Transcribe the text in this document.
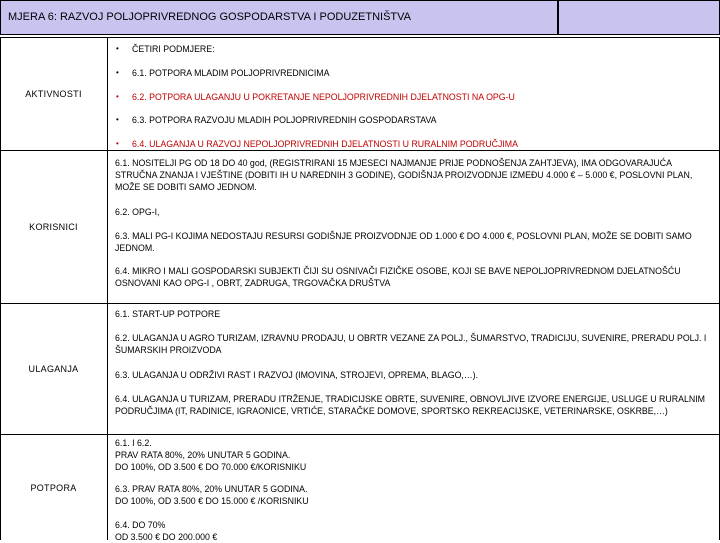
MJERA 6: RAZVOJ POLJOPRIVREDNOG GOSPODARSTVA I PODUZETNIŠTVA
AKTIVNOSTI
• ČETIRI PODMJERE:
• 6.1. POTPORA MLADIM POLJOPRIVREDNICIMA
• 6.2. POTPORA ULAGANJU U POKRETANJE NEPOLJOPRIVREDNIH DJELATNOSTI NA OPG-U
• 6.3. POTPORA RAZVOJU MLADIH POLJOPRIVREDNIH GOSPODARSTAVA
• 6.4. ULAGANJA U RAZVOJ NEPOLJOPRIVREDNIH DJELATNOSTI U RURALNIM PODRUČJIMA
KORISNICI
6.1. NOSITELJI PG OD 18 DO 40 god, (REGISTRIRANI 15 MJESECI NAJMANJE PRIJE PODNOŠENJA ZAHTJEVA), IMA ODGOVARAJUĆA STRUČNA ZNANJA I VJEŠTINE (DOBITI IH U NAREDNIH 3 GODINE), GODIŠNJA PROIZVODNJE IZMEĐU 4.000 € – 5.000 €, POSLOVNI PLAN, MOŽE SE DOBITI SAMO JEDNOM.
6.2. OPG-I,
6.3. MALI PG-I KOJIMA NEDOSTAJU RESURSI GODIŠNJE PROIZVODNJE OD 1.000 € DO 4.000 €, POSLOVNI PLAN, MOŽE SE DOBITI SAMO JEDNOM.
6.4. MIKRO I MALI GOSPODARSKI SUBJEKTI ČIJI SU OSNIVAČI FIZIČKE OSOBE, KOJI SE BAVE NEPOLJOPRIVREDNOM DJELATNOŠĆU OSNOVANI KAO OPG-I , OBRT, ZADRUGA, TRGOVAČKA DRUŠTVA
ULAGANJA
6.1. START-UP POTPORE
6.2. ULAGANJA U AGRO TURIZAM, IZRAVNU PRODAJU, U OBRTR VEZANE ZA POLJ., ŠUMARSTVO, TRADICIJU, SUVENIRE, PRERADU POLJ. I ŠUMARSKIH PROIZVODA
6.3. ULAGANJA U ODRŽIVI RAST I RAZVOJ (IMOVINA, STROJEVI, OPREMA, BLAGO,…).
6.4. ULAGANJA U TURIZAM, PRERADU ITRŽENJE, TRADICIJSKE OBRTE, SUVENIRE, OBNOVLJIVE IZVORE ENERGIJE, USLUGE U RURALNIM PODRUČJIMA (IT, RADINICE, IGRAONICE, VRTIĆE, STARAČKE DOMOVE, SPORTSKO REKREACIJSKE, VETERINARSKE, OSKRBE,…)
POTPORA
6.1. I 6.2.
PRAV RATA 80%, 20% UNUTAR 5 GODINA.
DO 100%, OD 3.500 € DO 70.000 €/KORISNIKU
6.3. PRAV RATA 80%, 20% UNUTAR 5 GODINA.
DO 100%, OD 3.500 € DO 15.000 € /KORISNIKU
6.4. DO 70%
OD 3.500 € DO 200.000 €
